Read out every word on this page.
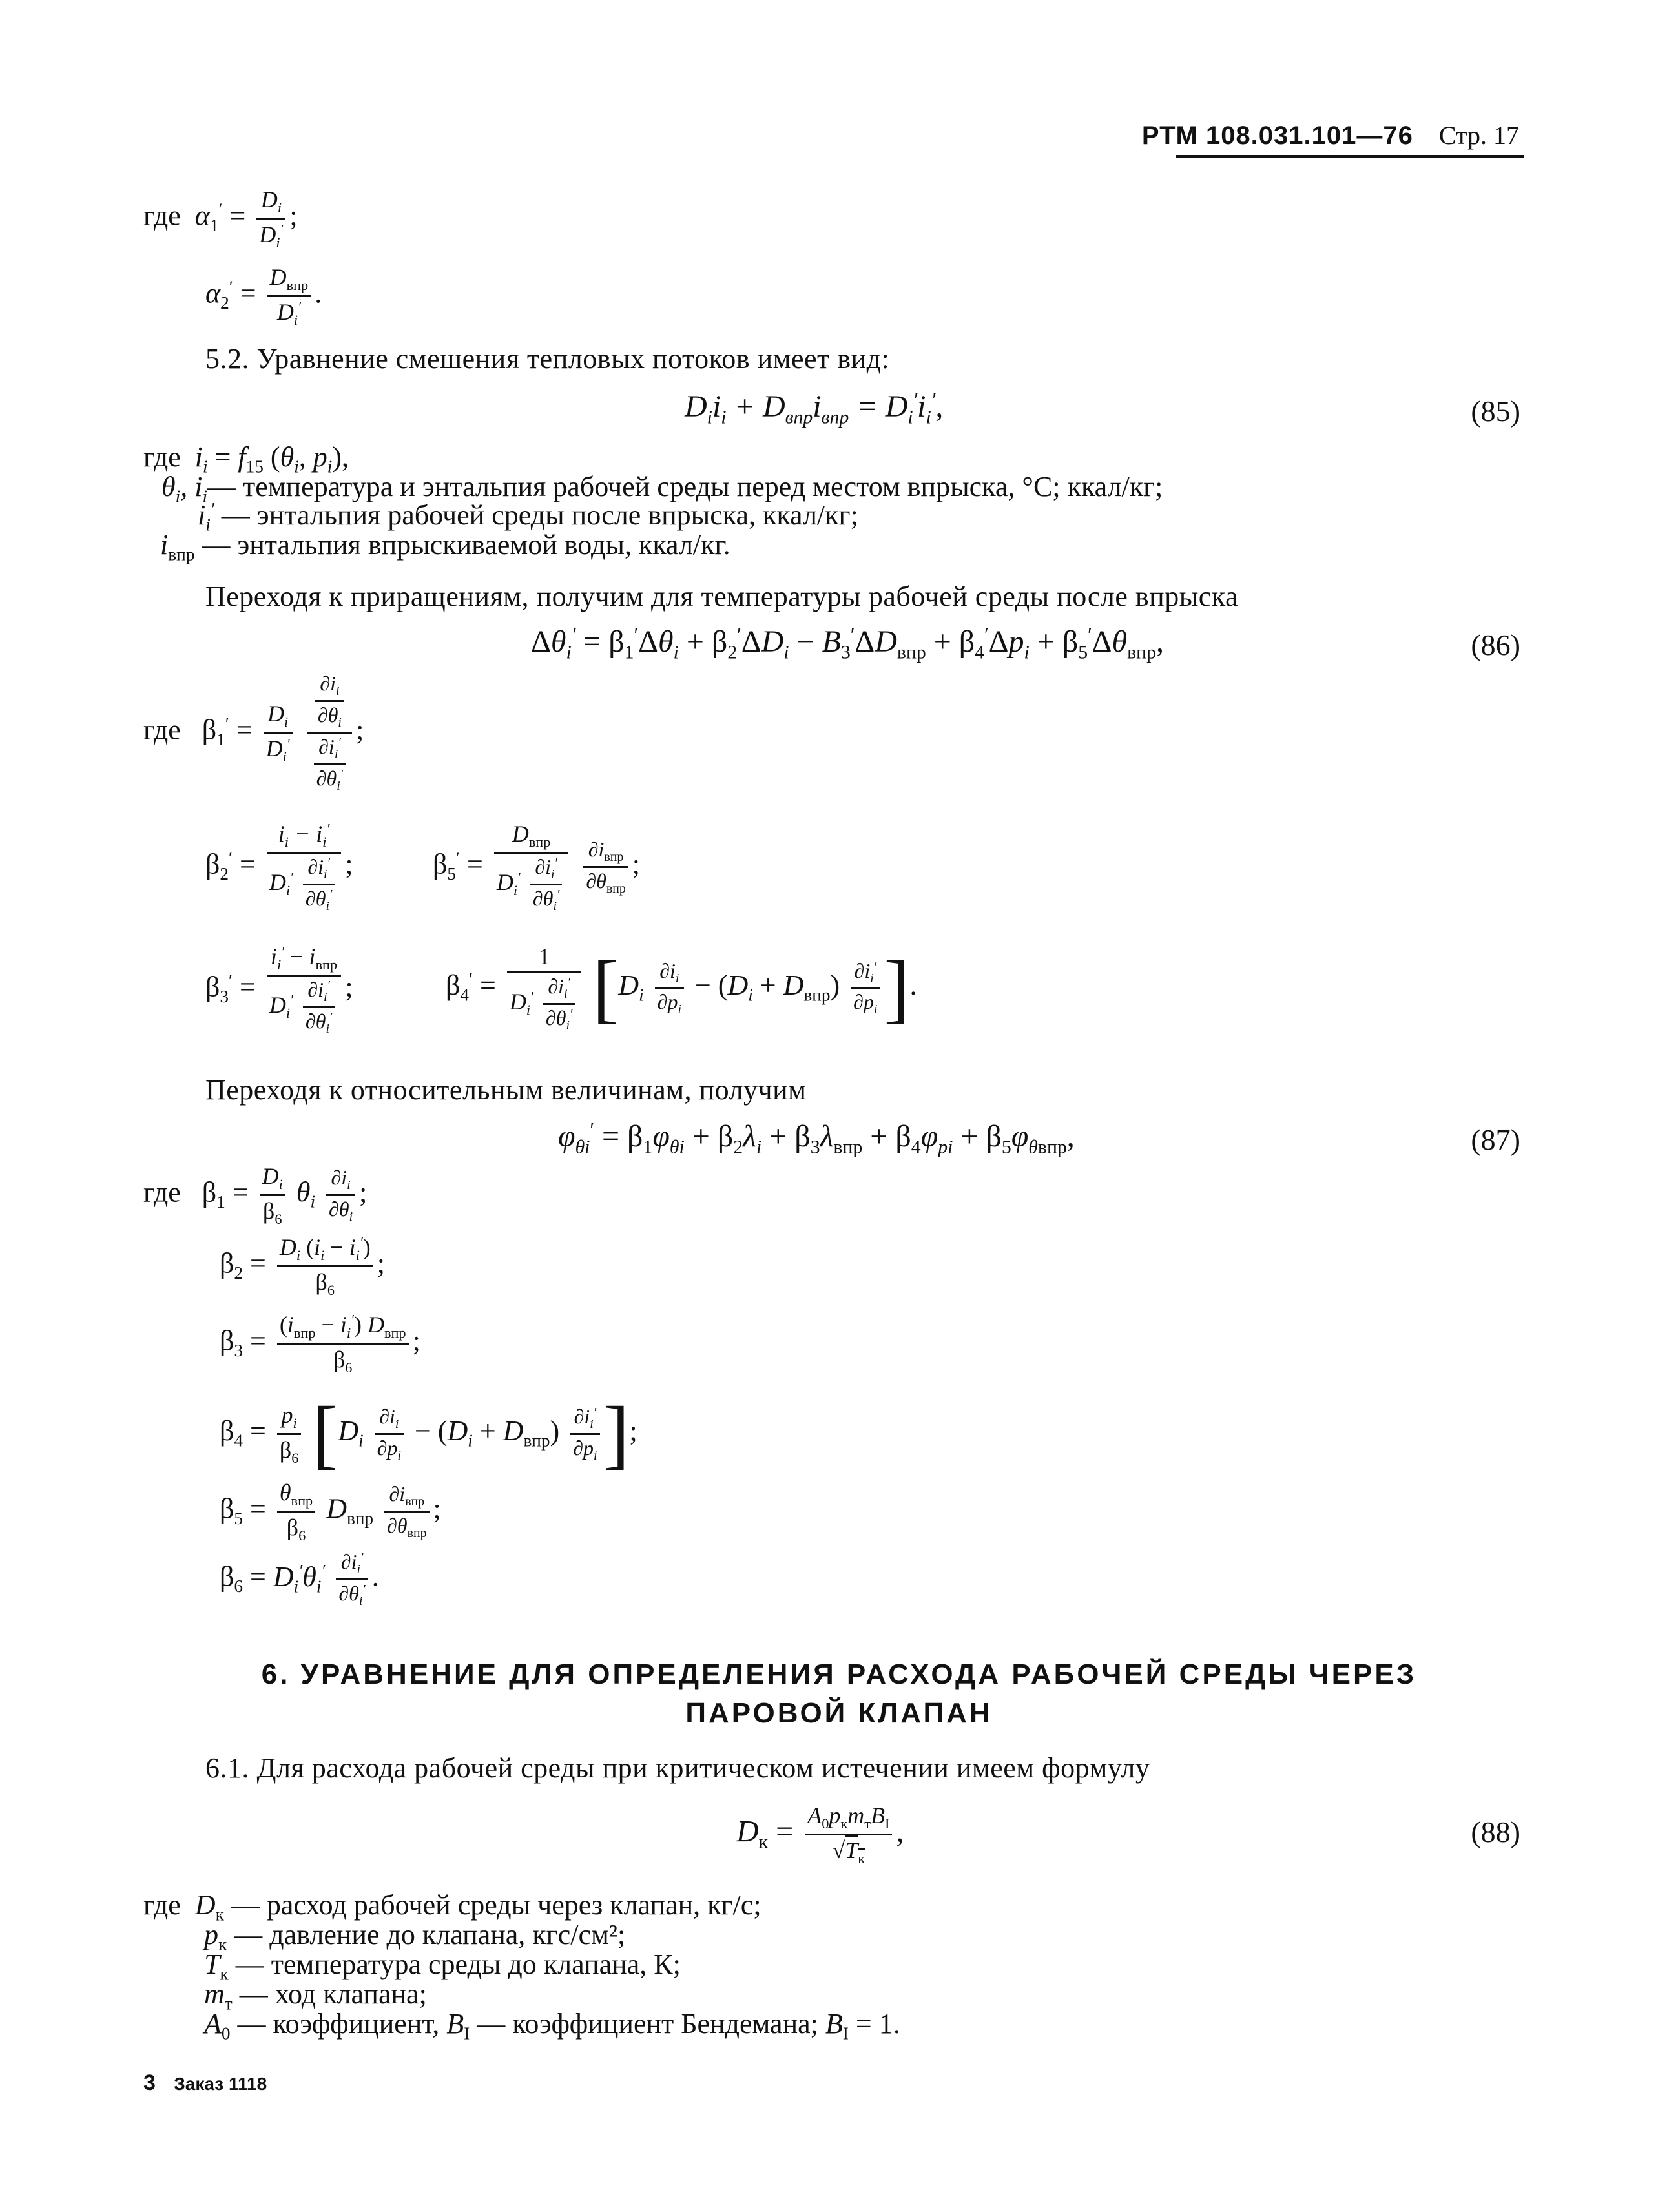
РТМ 108.031.101—76 Стр. 17
где $\alpha_1' = \frac{D_i}{D_i'}$ ;
$\alpha_2' = \frac{D_{впр}}{D_i'}$ .
5.2. Уравнение смешения тепловых потоков имеет вид:
$D_ii_i + D_{впр}i_{впр} = D_i'i_i'$,	(85)
где $i_i = f_{15}$ ($\theta_i$, $p_i$),
$\theta_i$, $i_i—$ температура и энтальпия рабочей среды перед местом впрыска, °С; ккал/кг;
$i_i'$ — энтальпия рабочей среды после впрыска, ккал/кг;
$i_{впр}$ — энтальпия впрыскиваемой воды, ккал/кг.
Переходя к приращениям, получим для температуры рабочей среды после впрыска
$\Delta\theta_i' = \beta_1'\Delta\theta_i + \beta_2'\Delta D_i - B_3'\Delta D_{впр} + \beta_4'\Delta p_i + \beta_5'\Delta\theta_{впр}$,	(86)
где   $\beta_1' = \frac{D_i}{D_i'}$
$\frac{\frac{\partial i_i}{\partial\theta_i}}{\frac{\partial i_i'}{\partial\theta_i'}}$ ;
$\beta_2' = \frac{i_i - i_i'}{D_i' \frac{\partial i_i'}{\partial\theta_i'}}$ ;	$\beta_5' = \frac{D_{впр}}{D_i' \frac{\partial i_i'}{\partial\theta_i'}}$
$\frac{\partial i_{впр}}{\partial\theta_{впр}}$ ;
$\beta_3' = \frac{i_i' - i_{впр}}{D_i' \frac{\partial i_i'}{\partial\theta_i'}}$ ;	$\beta_4' = \frac{1}{D_i' \frac{\partial i_i'}{\partial\theta_i'}} [D_i \frac{\partial i_i}{\partial p_i} - (D_i + D_{впр}) \frac{\partial i_i'}{\partial p_i}$ ].
Переходя к относительным величинам, получим
$\varphi_{\theta i}' = \beta_1\varphi_{\theta i} + \beta_2\lambda_i + \beta_3\lambda_{впр} + \beta_4\varphi_{pi} + \beta_5\varphi_{\theta впр}$,	(87)
где   $\beta_1 = \frac{D_i}{\beta_6} \theta_i \frac{\partial i_i}{\partial\theta_i}$ ;
$\beta_2 = \frac{D_i (i_i - i_i')}{\beta_6}$ ;
$\beta_3 = \frac{(i_{впр} - i_i') D_{впр}}{\beta_6}$ ;
$\beta_4 = \frac{p_i}{\beta_6} [D_i \frac{\partial i_i}{\partial p_i} - (D_i + D_{впр}) \frac{\partial i_i'}{\partial p_i}$ ];
$\beta_5 = \frac{\theta_{впр}}{\beta_6} D_{впр} \frac{\partial i_{впр}}{\partial\theta_{впр}}$ ;
$\beta_6 = D_i'\theta_i' \frac{\partial i_i'}{\partial\theta_i'}$ .
6. УРАВНЕНИЕ ДЛЯ ОПРЕДЕЛЕНИЯ РАСХОДА РАБОЧЕЙ СРЕДЫ ЧЕРЕЗ
ПАРОВОЙ КЛАПАН
6.1. Для расхода рабочей среды при критическом истечении имеем формулу
$D_к = \frac{A_0p_кm_тB_I}{√T_к}$ ,	(88)
где $D_к$ — расход рабочей среды через клапан, кг/с;
$p_к$ — давление до клапана, кгс/см²;
$T_к$ — температура среды до клапана, К;
$m_т$ — ход клапана;
$A_0$ — коэффициент, $B_I$ — коэффициент Бендемана; $B_I = 1$.
3 Заказ 1118
